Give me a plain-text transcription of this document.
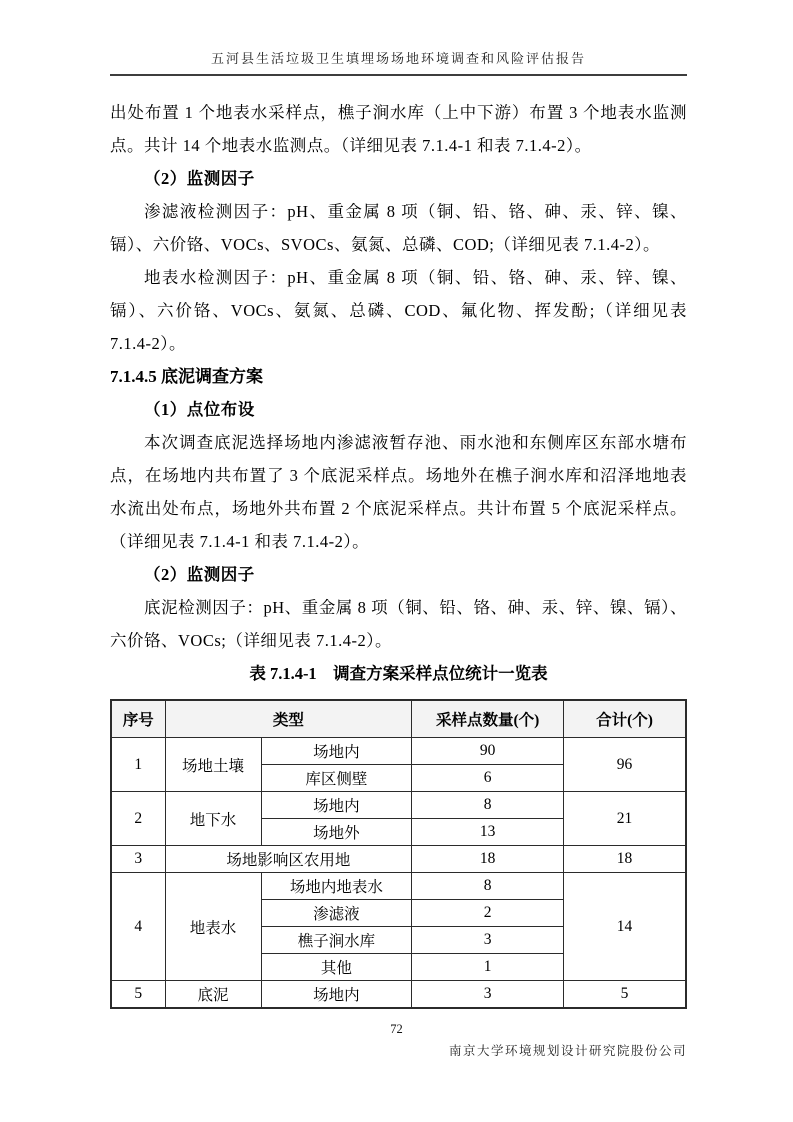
五河县生活垃圾卫生填埋场场地环境调查和风险评估报告

出处布置 1 个地表水采样点，樵子涧水库（上中下游）布置 3 个地表水监测点。共计 14 个地表水监测点。（详细见表 7.1.4-1 和表 7.1.4-2）。

（2）监测因子

渗滤液检测因子：pH、重金属 8 项（铜、铅、铬、砷、汞、锌、镍、镉）、六价铬、VOCs、SVOCs、氨氮、总磷、COD;（详细见表 7.1.4-2）。

地表水检测因子：pH、重金属 8 项（铜、铅、铬、砷、汞、锌、镍、镉）、六价铬、VOCs、氨氮、总磷、COD、氟化物、挥发酚;（详细见表 7.1.4-2）。

7.1.4.5 底泥调查方案

（1）点位布设

本次调查底泥选择场地内渗滤液暂存池、雨水池和东侧库区东部水塘布点，在场地内共布置了 3 个底泥采样点。场地外在樵子涧水库和沼泽地地表水流出处布点，场地外共布置 2 个底泥采样点。共计布置 5 个底泥采样点。（详细见表 7.1.4-1 和表 7.1.4-2）。

（2）监测因子

底泥检测因子：pH、重金属 8 项（铜、铅、铬、砷、汞、锌、镍、镉）、六价铬、VOCs;（详细见表 7.1.4-2）。

表 7.1.4-1　调查方案采样点位统计一览表
序号	类型		采样点数量(个)	合计(个)
1	场地土壤	场地内	90	96
		库区侧壁	6	
2	地下水	场地内	8	21
		场地外	13	
3	场地影响区农用地		18	18
4	地表水	场地内地表水	8	14
		渗滤液	2	
		樵子涧水库	3	
		其他	1	
5	底泥	场地内	3	5
72
南京大学环境规划设计研究院股份公司
